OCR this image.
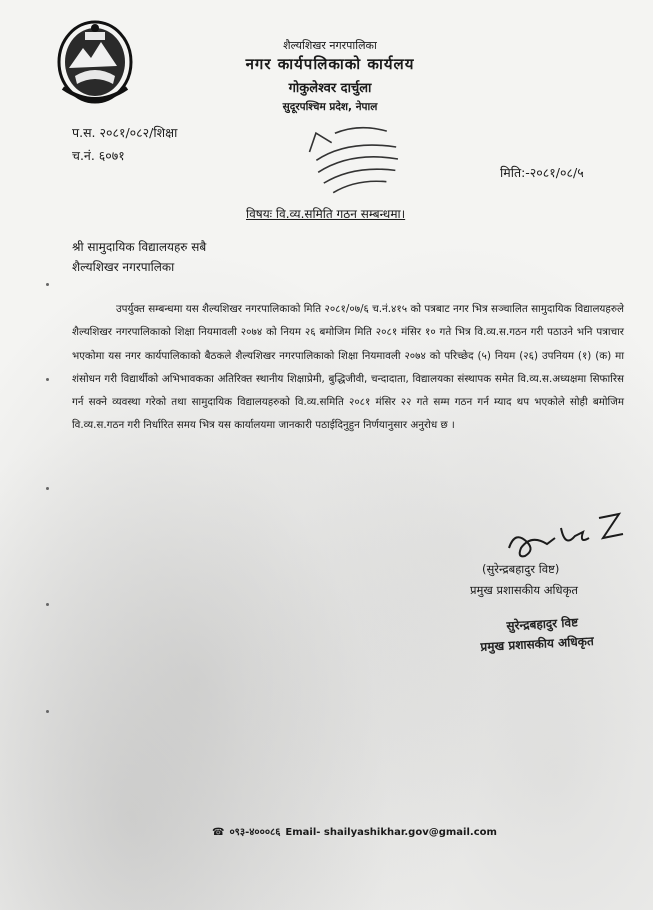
शैल्यशिखर नगरपालिका
नगर कार्यपलिकाको कार्यलय
गोकुलेश्वर दार्चुला
सुदूरपश्चिम प्रदेश, नेपाल
प.स. २०८१/०८२/शिक्षा
च.नं. ६०७१
मिति:-२०८१/०८/५
विषयः वि.व्य.समिति गठन सम्बन्धमा।
श्री सामुदायिक विद्यालयहरु सबै
शैल्यशिखर नगरपालिका
उपर्युक्त सम्बन्धमा यस शैल्यशिखर नगरपालिकाको मिति २०८१/०७/६ च.नं.४१५ को पत्रबाट नगर भित्र सञ्चालित सामुदायिक विद्यालयहरुले शैल्यशिखर नगरपालिकाको शिक्षा नियमावली २०७४ को नियम २६ बमोजिम मिति २०८१ मंसिर १० गते भित्र वि.व्य.स.गठन गरी पठाउने भनि पत्राचार भएकोमा यस नगर कार्यपालिकाको बैठकले शैल्यशिखर नगरपालिकाको शिक्षा नियमावली २०७४ को परिच्छेद (५) नियम (२६) उपनियम (१) (क) मा शंसोधन गरी विद्यार्थीको अभिभावकका अतिरिक्त स्थानीय शिक्षाप्रेमी, बुद्धिजीवी, चन्दादाता, विद्यालयका संस्थापक समेत वि.व्य.स.अध्यक्षमा सिफारिस गर्न सक्ने व्यवस्था गरेको तथा सामुदायिक विद्यालयहरुको वि.व्य.समिति २०८१ मंसिर २२ गते सम्म गठन गर्न म्याद थप भएकोले सोही बमोजिम वि.व्य.स.गठन गरी निर्धारित समय भित्र यस कार्यालयमा जानकारी पठाईदिनुहुन निर्णयानुसार अनुरोध छ ।
(सुरेन्द्रबहादुर विष्ट)
प्रमुख प्रशासकीय अधिकृत
सुरेन्द्रबहादुर विष्ट
प्रमुख प्रशासकीय अधिकृत
☎ ०९३-४०००८६ Email- shailyashikhar.gov@gmail.com
